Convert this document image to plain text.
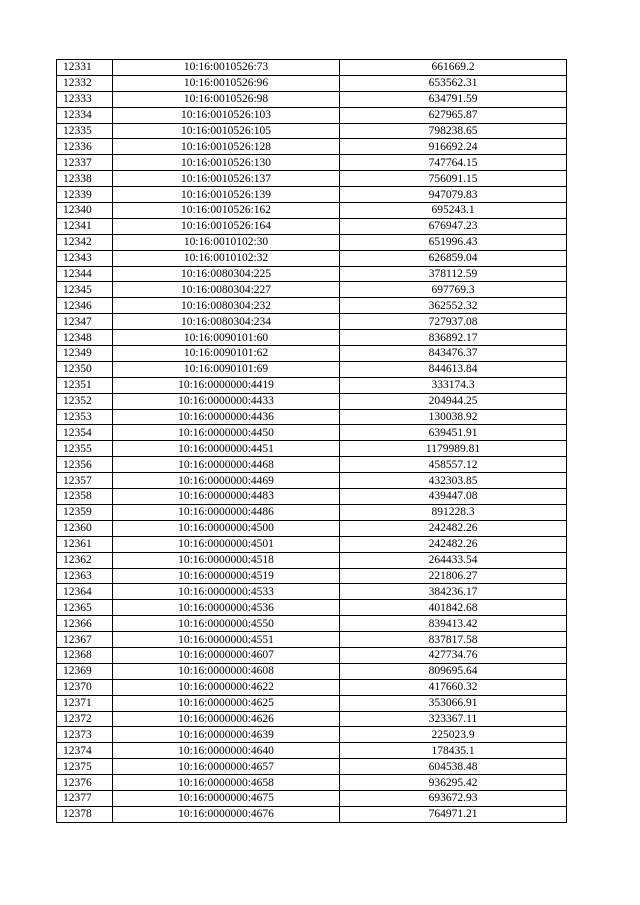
12331	10:16:0010526:73	661669.2
12332	10:16:0010526:96	653562.31
12333	10:16:0010526:98	634791.59
12334	10:16:0010526:103	627965.87
12335	10:16:0010526:105	798238.65
12336	10:16:0010526:128	916692.24
12337	10:16:0010526:130	747764.15
12338	10:16:0010526:137	756091.15
12339	10:16:0010526:139	947079.83
12340	10:16:0010526:162	695243.1
12341	10:16:0010526:164	676947.23
12342	10:16:0010102:30	651996.43
12343	10:16:0010102:32	626859.04
12344	10:16:0080304:225	378112.59
12345	10:16:0080304:227	697769.3
12346	10:16:0080304:232	362552.32
12347	10:16:0080304:234	727937.08
12348	10:16:0090101:60	836892.17
12349	10:16:0090101:62	843476.37
12350	10:16:0090101:69	844613.84
12351	10:16:0000000:4419	333174.3
12352	10:16:0000000:4433	204944.25
12353	10:16:0000000:4436	130038.92
12354	10:16:0000000:4450	639451.91
12355	10:16:0000000:4451	1179989.81
12356	10:16:0000000:4468	458557.12
12357	10:16:0000000:4469	432303.85
12358	10:16:0000000:4483	439447.08
12359	10:16:0000000:4486	891228.3
12360	10:16:0000000:4500	242482.26
12361	10:16:0000000:4501	242482.26
12362	10:16:0000000:4518	264433.54
12363	10:16:0000000:4519	221806.27
12364	10:16:0000000:4533	384236.17
12365	10:16:0000000:4536	401842.68
12366	10:16:0000000:4550	839413.42
12367	10:16:0000000:4551	837817.58
12368	10:16:0000000:4607	427734.76
12369	10:16:0000000:4608	809695.64
12370	10:16:0000000:4622	417660.32
12371	10:16:0000000:4625	353066.91
12372	10:16:0000000:4626	323367.11
12373	10:16:0000000:4639	225023.9
12374	10:16:0000000:4640	178435.1
12375	10:16:0000000:4657	604538.48
12376	10:16:0000000:4658	936295.42
12377	10:16:0000000:4675	693672.93
12378	10:16:0000000:4676	764971.21
